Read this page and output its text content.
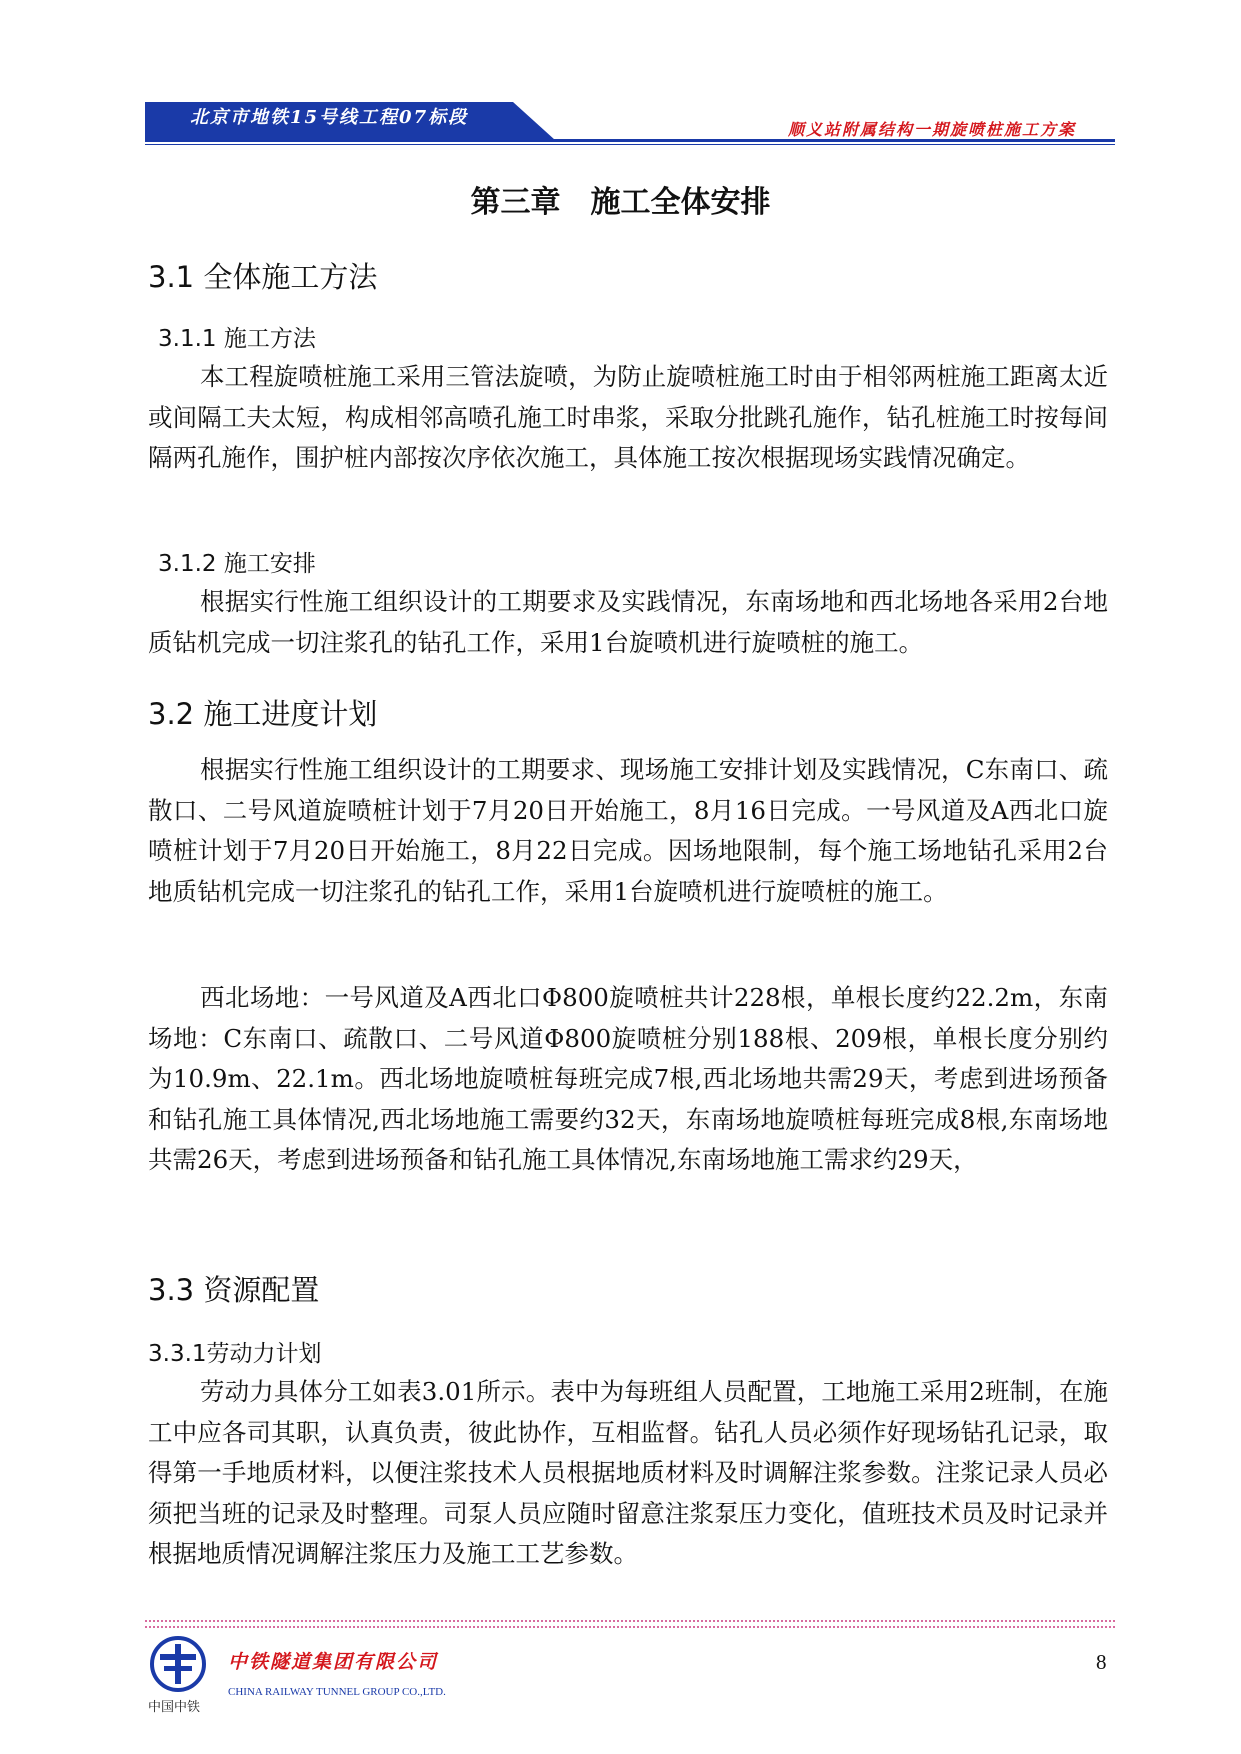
北京市地铁15号线工程07标段
顺义站附属结构一期旋喷桩施工方案
第三章　施工全体安排
3.1 全体施工方法
3.1.1 施工方法

本工程旋喷桩施工采用三管法旋喷，为防止旋喷桩施工时由于相邻两桩施工距离太近或间隔工夫太短，构成相邻高喷孔施工时串浆，采取分批跳孔施作，钻孔桩施工时按每间隔两孔施作，围护桩内部按次序依次施工，具体施工按次根据现场实践情况确定。

3.1.2 施工安排

根据实行性施工组织设计的工期要求及实践情况，东南场地和西北场地各采用2台地质钻机完成一切注浆孔的钻孔工作，采用1台旋喷机进行旋喷桩的施工。

3.2 施工进度计划

根据实行性施工组织设计的工期要求、现场施工安排计划及实践情况，C东南口、疏散口、二号风道旋喷桩计划于7月20日开始施工，8月16日完成。一号风道及A西北口旋喷桩计划于7月20日开始施工，8月22日完成。因场地限制，每个施工场地钻孔采用2台地质钻机完成一切注浆孔的钻孔工作，采用1台旋喷机进行旋喷桩的施工。

西北场地：一号风道及A西北口Φ800旋喷桩共计228根，单根长度约22.2m，东南场地：C东南口、疏散口、二号风道Φ800旋喷桩分别188根、209根，单根长度分别约为10.9m、22.1m。西北场地旋喷桩每班完成7根,西北场地共需29天，考虑到进场预备和钻孔施工具体情况,西北场地施工需要约32天，东南场地旋喷桩每班完成8根,东南场地共需26天，考虑到进场预备和钻孔施工具体情况,东南场地施工需求约29天，

3.3 资源配置
3.3.1劳动力计划

劳动力具体分工如表3.01所示。表中为每班组人员配置，工地施工采用2班制，在施工中应各司其职，认真负责，彼此协作，互相监督。钻孔人员必须作好现场钻孔记录，取得第一手地质材料，以便注浆技术人员根据地质材料及时调解注浆参数。注浆记录人员必须把当班的记录及时整理。司泵人员应随时留意注浆泵压力变化，值班技术员及时记录并根据地质情况调解注浆压力及施工工艺参数。

中国中铁
中铁隧道集团有限公司
CHINA RAILWAY TUNNEL GROUP CO.,LTD.
8
